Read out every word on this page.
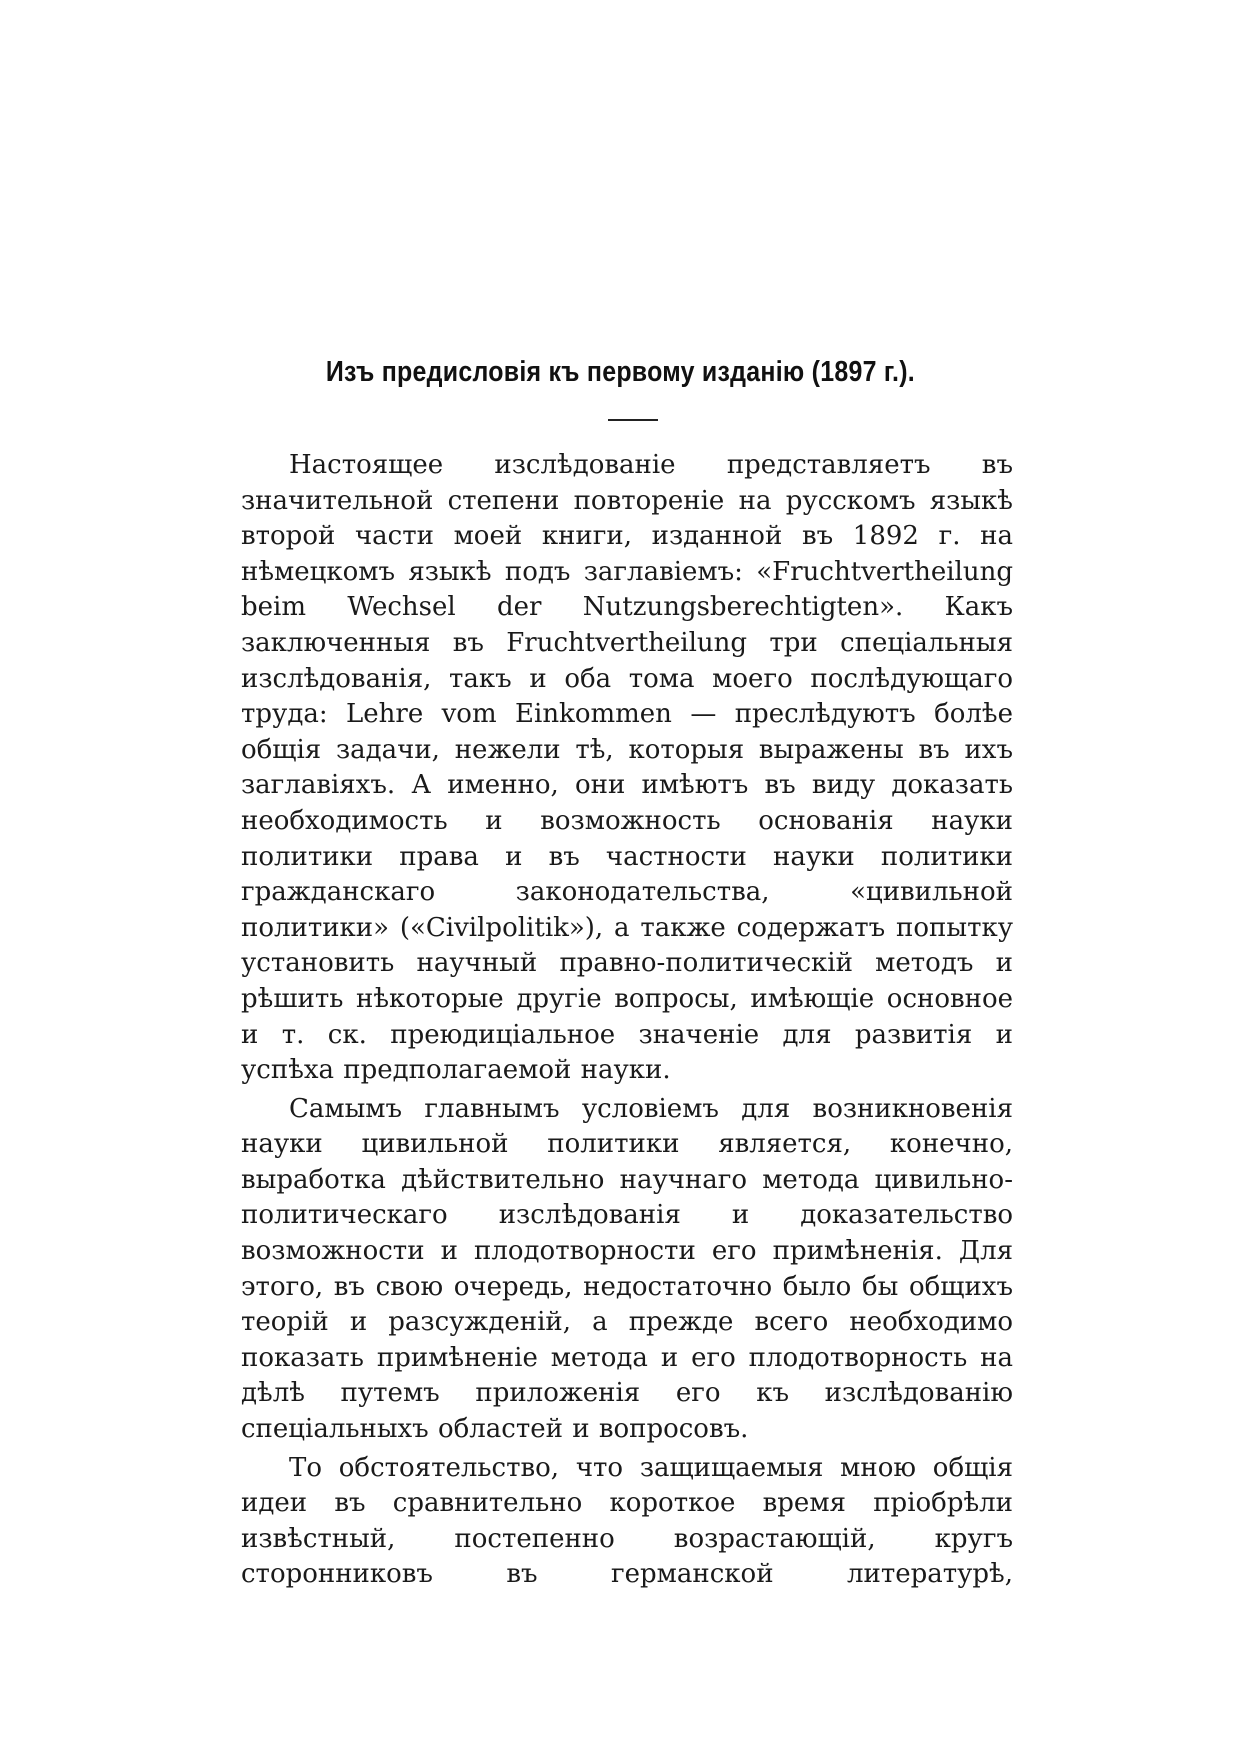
Изъ предисловія къ первому изданію (1897 г.).

Настоящее изслѣдованіе представляетъ въ значительной степени повтореніе на русскомъ языкѣ второй части моей книги, изданной въ 1892 г. на нѣмецкомъ языкѣ подъ заглавіемъ: «Fruchtvertheilung beim Wechsel der Nutzungsberechtigten». Какъ заключенныя въ Fruchtvertheilung три спеціальныя изслѣдованія, такъ и оба тома моего послѣдующаго труда: Lehre vom Einkommen — преслѣдуютъ болѣе общія задачи, нежели тѣ, которыя выражены въ ихъ заглавіяхъ. А именно, они имѣютъ въ виду доказать необходимость и возможность основанія науки политики права и въ частности науки политики гражданскаго законодательства, «цивильной политики» («Civilpolitik»), а также содержатъ попытку установить научный правно-политическій методъ и рѣшить нѣкоторые другіе вопросы, имѣющіе основное и т. ск. преюдиціальное значеніе для развитія и успѣха предполагаемой науки.

Самымъ главнымъ условіемъ для возникновенія науки цивильной политики является, конечно, выработка дѣйствительно научнаго метода цивильно-политическаго изслѣдованія и доказательство возможности и плодотворности его примѣненія. Для этого, въ свою очередь, недостаточно было бы общихъ теорій и разсужденій, а прежде всего необходимо показать примѣненіе метода и его плодотворность на дѣлѣ путемъ приложенія его къ изслѣдованію спеціальныхъ областей и вопросовъ.

То обстоятельство, что защищаемыя мною общія идеи въ сравнительно короткое время пріобрѣли извѣстный, постепенно возрастающій, кругъ сторонниковъ въ германской литературѣ,
